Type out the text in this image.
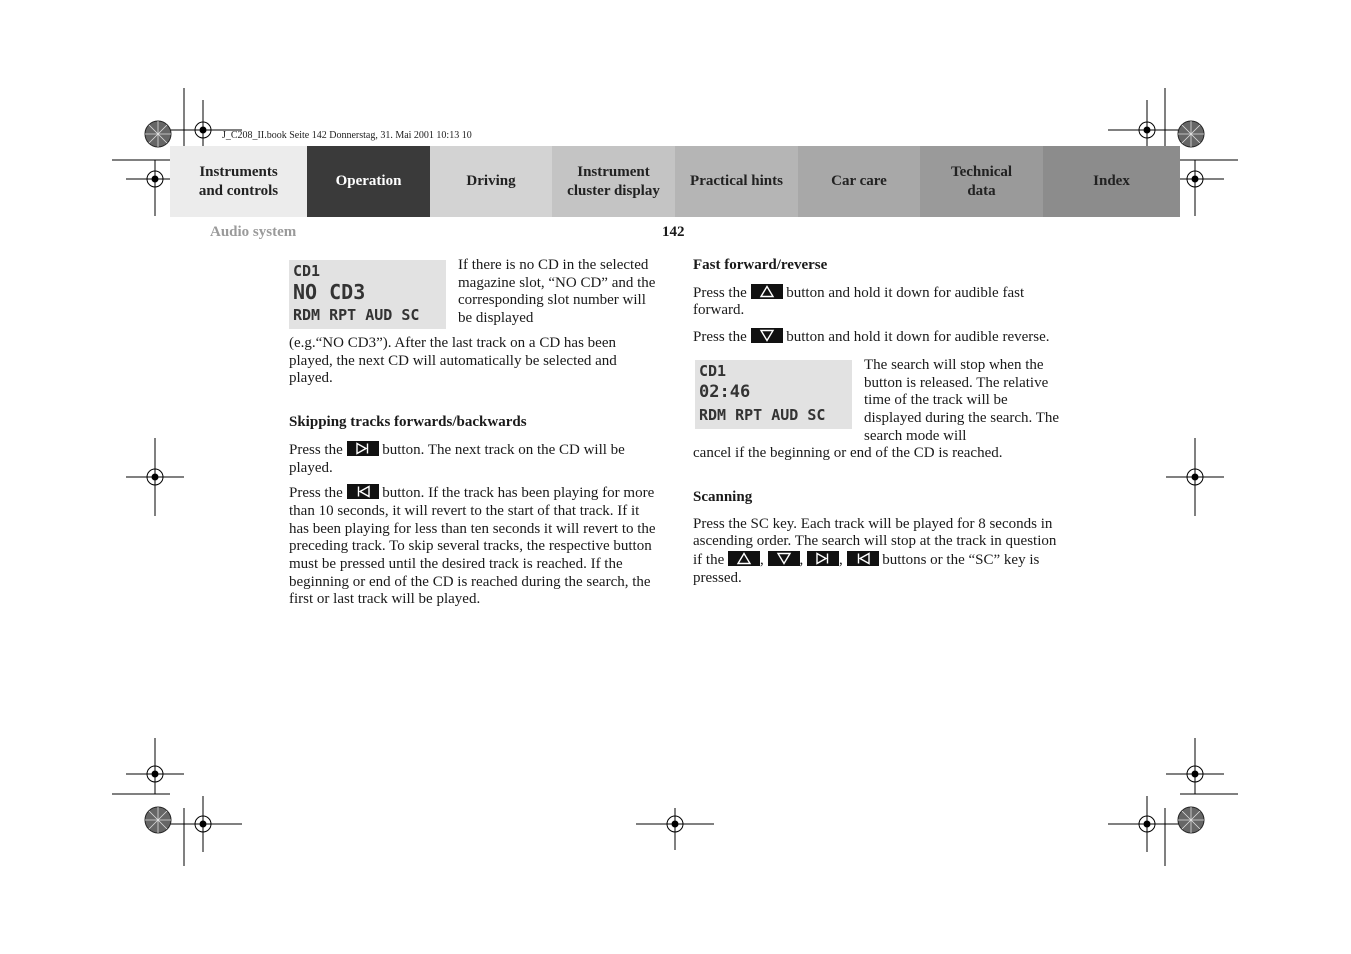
J_C208_II.book Seite 142 Donnerstag, 31. Mai 2001 10:13 10
Instruments and controls
Operation	Driving
Instrument cluster display
Practical hints	Car care
Technical data
Index
Audio system	142
CD1
NO CD3
RDM RPT AUD SC

If there is no CD in the selected magazine slot, “NO CD” and the corresponding slot number will be displayed

(e.g.“NO CD3”). After the last track on a CD has been played, the next CD will automatically be selected and played.

Skipping tracks forwards/backwards

Press the	button. The next track on the CD will be played.

Press the	button. If the track has been playing for more than 10 seconds, it will revert to the start of that track. If it has been playing for less than ten seconds it will revert to the preceding track. To skip several tracks, the respective button must be pressed until the desired track is reached. If the beginning or end of the CD is reached during the search, the first or last track will be played.

Fast forward/reverse

Press the	button and hold it down for audible fast forward.

Press the	button and hold it down for audible reverse.

CD1
02:46
RDM RPT AUD SC

The search will stop when the button is released. The relative time of the track will be displayed during the search. The search mode will

cancel if the beginning or end of the CD is reached.

Scanning

Press the SC key. Each track will be played for 8 seconds in ascending order. The search will stop at the track in question if the , , ,	buttons or the “SC” key is pressed.
